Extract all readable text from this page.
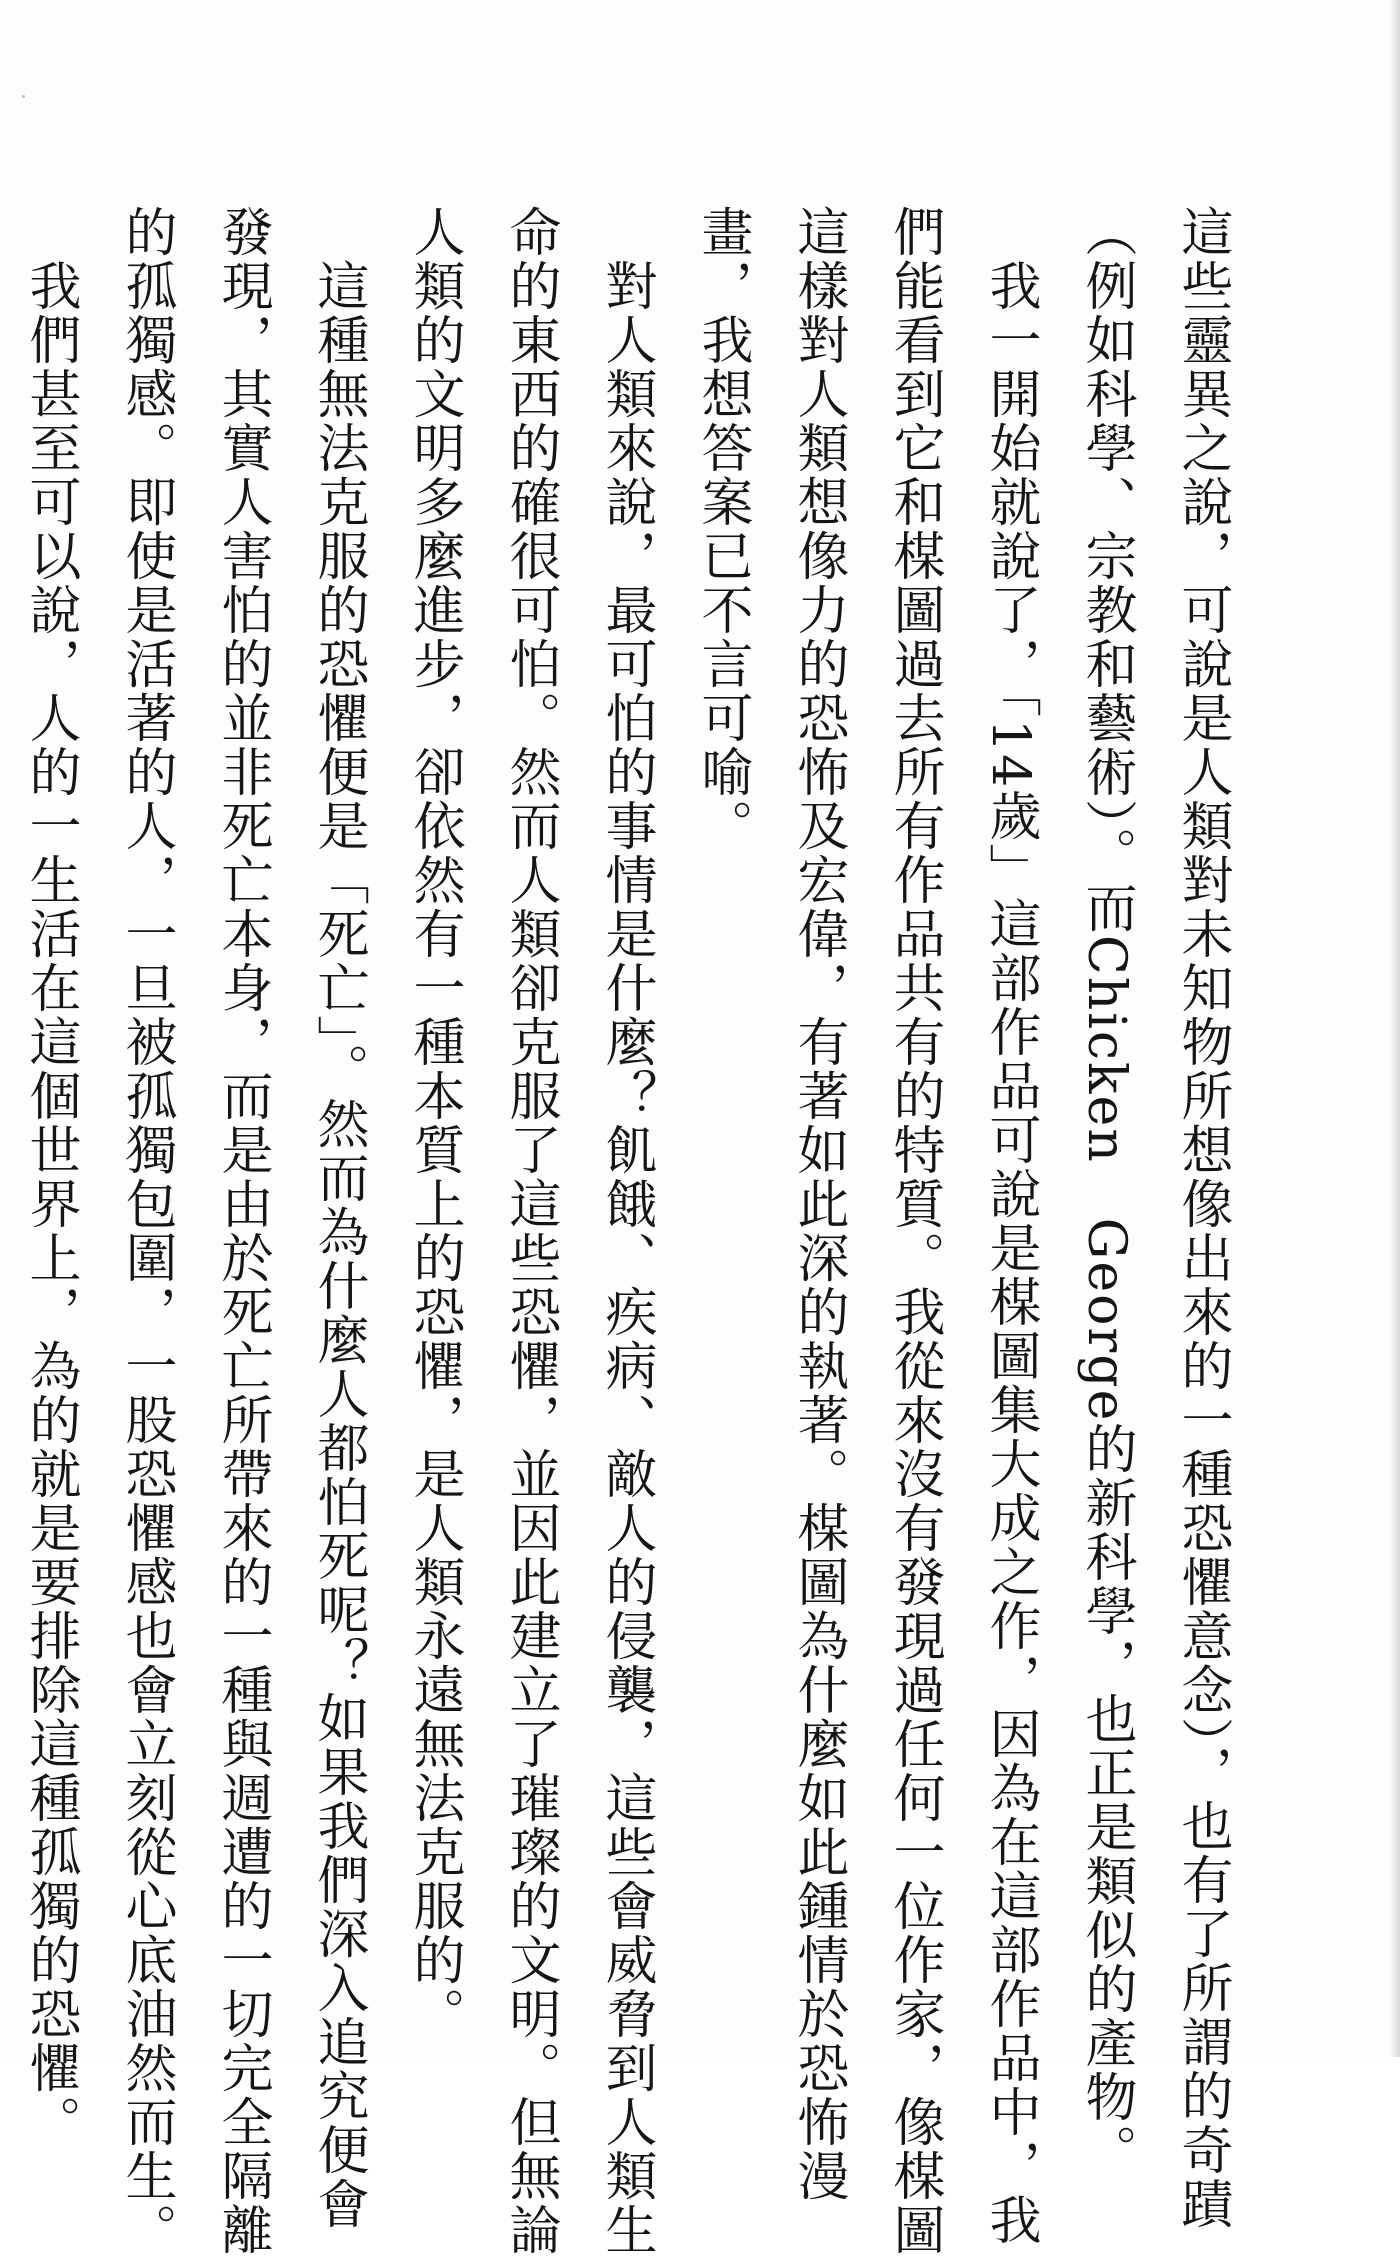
這些靈異之說，可說是人類對未知物所想像出來的一種恐懼意念），也有了所謂的奇蹟
（例如科學、宗教和藝術）。而Chicken　George的新科學，也正是類似的產物。
　我一開始就說了，「14歲」這部作品可說是楳圖集大成之作，因為在這部作品中，我
們能看到它和楳圖過去所有作品共有的特質。我從來沒有發現過任何一位作家，像楳圖
這樣對人類想像力的恐怖及宏偉，有著如此深的執著。楳圖為什麼如此鍾情於恐怖漫
畫，我想答案已不言可喻。
　對人類來說，最可怕的事情是什麼？飢餓、疾病、敵人的侵襲，這些會威脅到人類生
命的東西的確很可怕。然而人類卻克服了這些恐懼，並因此建立了璀璨的文明。但無論
人類的文明多麼進步，卻依然有一種本質上的恐懼，是人類永遠無法克服的。
　這種無法克服的恐懼便是「死亡」。然而為什麼人都怕死呢？如果我們深入追究便會
發現，其實人害怕的並非死亡本身，而是由於死亡所帶來的一種與週遭的一切完全隔離
的孤獨感。即使是活著的人，一旦被孤獨包圍，一股恐懼感也會立刻從心底油然而生。
　我們甚至可以說，人的一生活在這個世界上，為的就是要排除這種孤獨的恐懼。
